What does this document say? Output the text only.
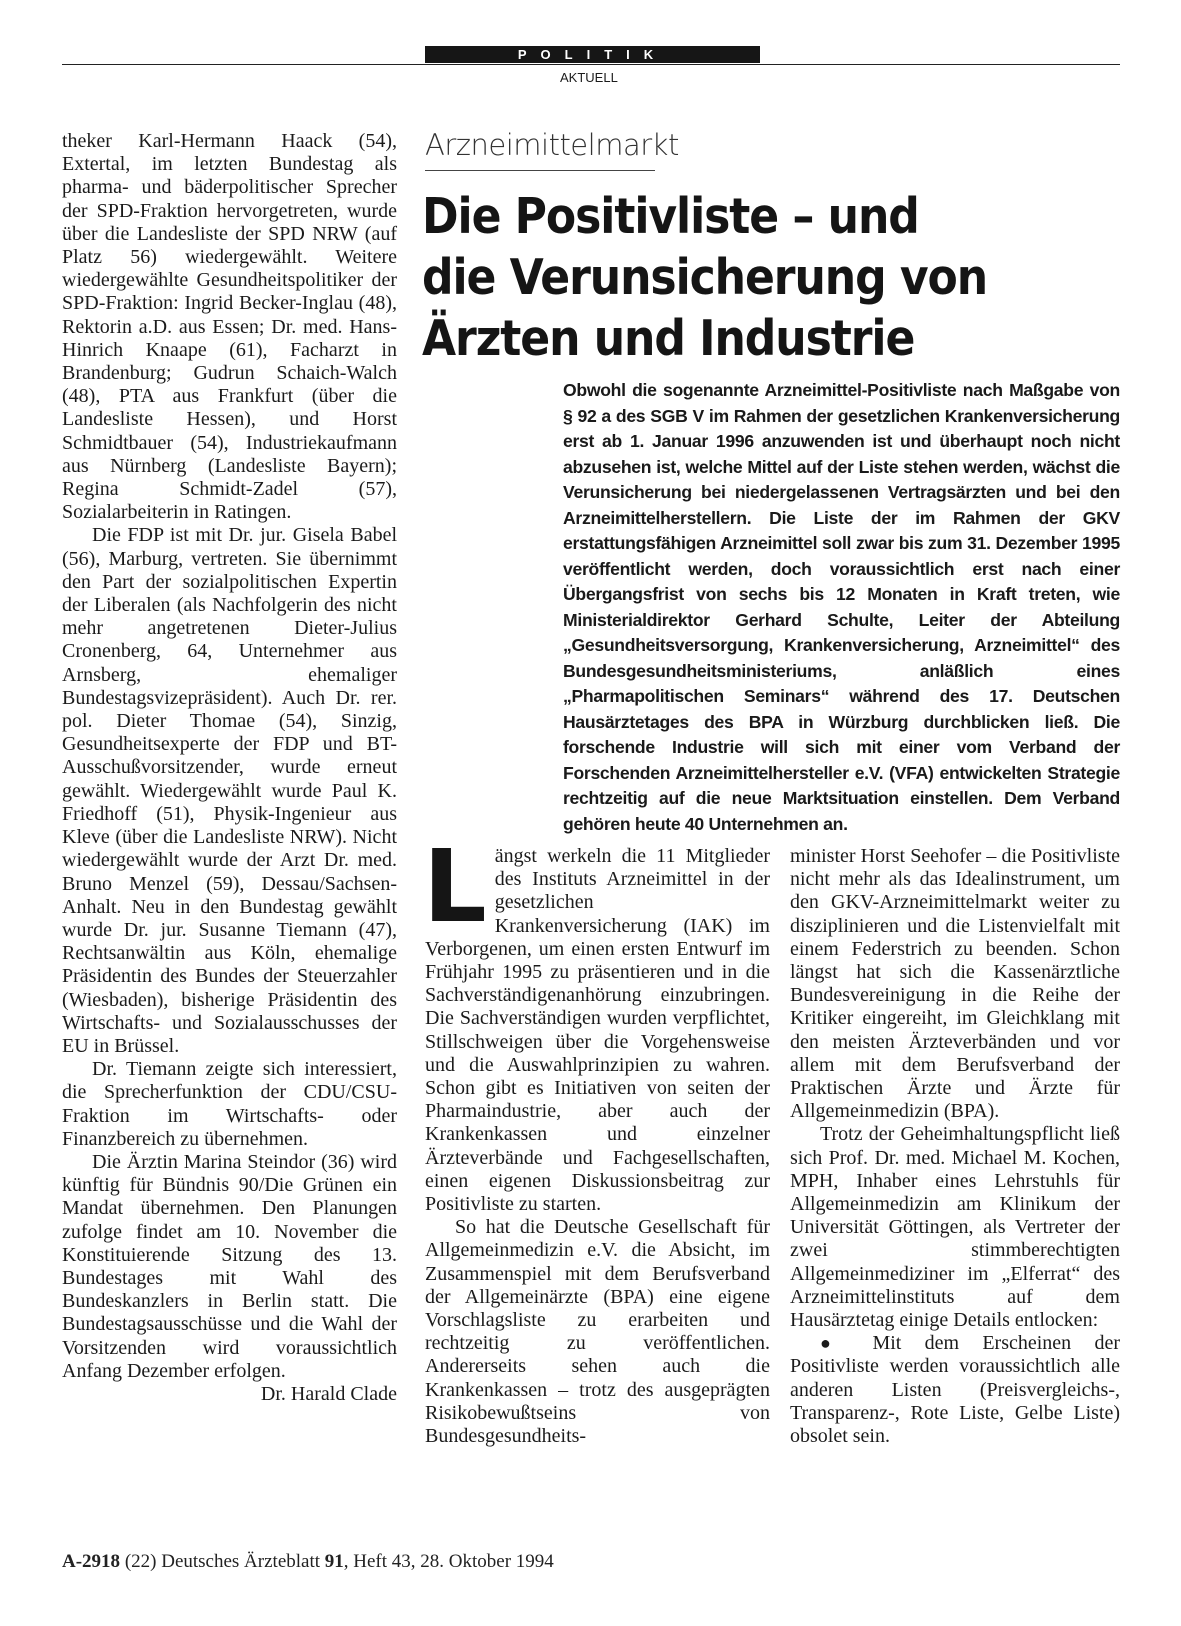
POLITIK
AKTUELL

theker Karl-Hermann Haack (54), Extertal, im letzten Bundestag als pharma- und bäderpolitischer Sprecher der SPD-Fraktion hervorgetreten, wurde über die Landesliste der SPD NRW (auf Platz 56) wiedergewählt. Weitere wiedergewählte Gesundheitspolitiker der SPD-Fraktion: Ingrid Becker-Inglau (48), Rektorin a.D. aus Essen; Dr. med. Hans-Hinrich Knaape (61), Facharzt in Brandenburg; Gudrun Schaich-Walch (48), PTA aus Frankfurt (über die Landesliste Hessen), und Horst Schmidtbauer (54), Industriekaufmann aus Nürnberg (Landesliste Bayern); Regina Schmidt-Zadel (57), Sozialarbeiterin in Ratingen.

Die FDP ist mit Dr. jur. Gisela Babel (56), Marburg, vertreten. Sie übernimmt den Part der sozialpolitischen Expertin der Liberalen (als Nachfolgerin des nicht mehr angetretenen Dieter-Julius Cronenberg, 64, Unternehmer aus Arnsberg, ehemaliger Bundestagsvizepräsident). Auch Dr. rer. pol. Dieter Thomae (54), Sinzig, Gesundheitsexperte der FDP und BT-Ausschußvorsitzender, wurde erneut gewählt. Wiedergewählt wurde Paul K. Friedhoff (51), Physik-Ingenieur aus Kleve (über die Landesliste NRW). Nicht wiedergewählt wurde der Arzt Dr. med. Bruno Menzel (59), Dessau/Sachsen-Anhalt. Neu in den Bundestag gewählt wurde Dr. jur. Susanne Tiemann (47), Rechtsanwältin aus Köln, ehemalige Präsidentin des Bundes der Steuerzahler (Wiesbaden), bisherige Präsidentin des Wirtschafts- und Sozialausschusses der EU in Brüssel.

Dr. Tiemann zeigte sich interessiert, die Sprecherfunktion der CDU/CSU-Fraktion im Wirtschafts- oder Finanzbereich zu übernehmen.

Die Ärztin Marina Steindor (36) wird künftig für Bündnis 90/Die Grünen ein Mandat übernehmen. Den Planungen zufolge findet am 10. November die Konstituierende Sitzung des 13. Bundestages mit Wahl des Bundeskanzlers in Berlin statt. Die Bundestagsausschüsse und die Wahl der Vorsitzenden wird voraussichtlich Anfang Dezember erfolgen.

Dr. Harald Clade

Arzneimittelmarkt
Die Positivliste – und
die Verunsicherung von
Ärzten und Industrie

Obwohl die sogenannte Arzneimittel-Positivliste nach Maßgabe von § 92 a des SGB V im Rahmen der gesetzlichen Krankenversicherung erst ab 1. Januar 1996 anzuwenden ist und überhaupt noch nicht abzusehen ist, welche Mittel auf der Liste stehen werden, wächst die Verunsicherung bei niedergelassenen Vertragsärzten und bei den Arzneimittelherstellern. Die Liste der im Rahmen der GKV erstattungsfähigen Arzneimittel soll zwar bis zum 31. Dezember 1995 veröffentlicht werden, doch voraussichtlich erst nach einer Übergangsfrist von sechs bis 12 Monaten in Kraft treten, wie Ministerialdirektor Gerhard Schulte, Leiter der Abteilung „Gesundheitsversorgung, Krankenversicherung, Arzneimittel“ des Bundesgesundheitsministeriums, anläßlich eines „Pharmapolitischen Seminars“ während des 17. Deutschen Hausärztetages des BPA in Würzburg durchblicken ließ. Die forschende Industrie will sich mit einer vom Verband der Forschenden Arzneimittelhersteller e.V. (VFA) entwickelten Strategie rechtzeitig auf die neue Marktsituation einstellen. Dem Verband gehören heute 40 Unternehmen an.

Längst werkeln die 11 Mitglieder des Instituts Arzneimittel in der gesetzlichen Krankenversicherung (IAK) im Verborgenen, um einen ersten Entwurf im Frühjahr 1995 zu präsentieren und in die Sachverständigenanhörung einzubringen. Die Sachverständigen wurden verpflichtet, Stillschweigen über die Vorgehensweise und die Auswahlprinzipien zu wahren. Schon gibt es Initiativen von seiten der Pharmaindustrie, aber auch der Krankenkassen und einzelner Ärzteverbände und Fachgesellschaften, einen eigenen Diskussionsbeitrag zur Positivliste zu starten.

So hat die Deutsche Gesellschaft für Allgemeinmedizin e.V. die Absicht, im Zusammenspiel mit dem Berufsverband der Allgemeinärzte (BPA) eine eigene Vorschlagsliste zu erarbeiten und rechtzeitig zu veröffentlichen. Andererseits sehen auch die Krankenkassen – trotz des ausgeprägten Risikobewußtseins von Bundesgesundheits-

minister Horst Seehofer – die Positivliste nicht mehr als das Idealinstrument, um den GKV-Arzneimittelmarkt weiter zu disziplinieren und die Listenvielfalt mit einem Federstrich zu beenden. Schon längst hat sich die Kassenärztliche Bundesvereinigung in die Reihe der Kritiker eingereiht, im Gleichklang mit den meisten Ärzteverbänden und vor allem mit dem Berufsverband der Praktischen Ärzte und Ärzte für Allgemeinmedizin (BPA).

Trotz der Geheimhaltungspflicht ließ sich Prof. Dr. med. Michael M. Kochen, MPH, Inhaber eines Lehrstuhls für Allgemeinmedizin am Klinikum der Universität Göttingen, als Vertreter der zwei stimmberechtigten Allgemeinmediziner im „Elferrat“ des Arzneimittelinstituts auf dem Hausärztetag einige Details entlocken:

● Mit dem Erscheinen der Positivliste werden voraussichtlich alle anderen Listen (Preisvergleichs-, Transparenz-, Rote Liste, Gelbe Liste) obsolet sein.

A-2918 (22) Deutsches Ärzteblatt 91, Heft 43, 28. Oktober 1994
